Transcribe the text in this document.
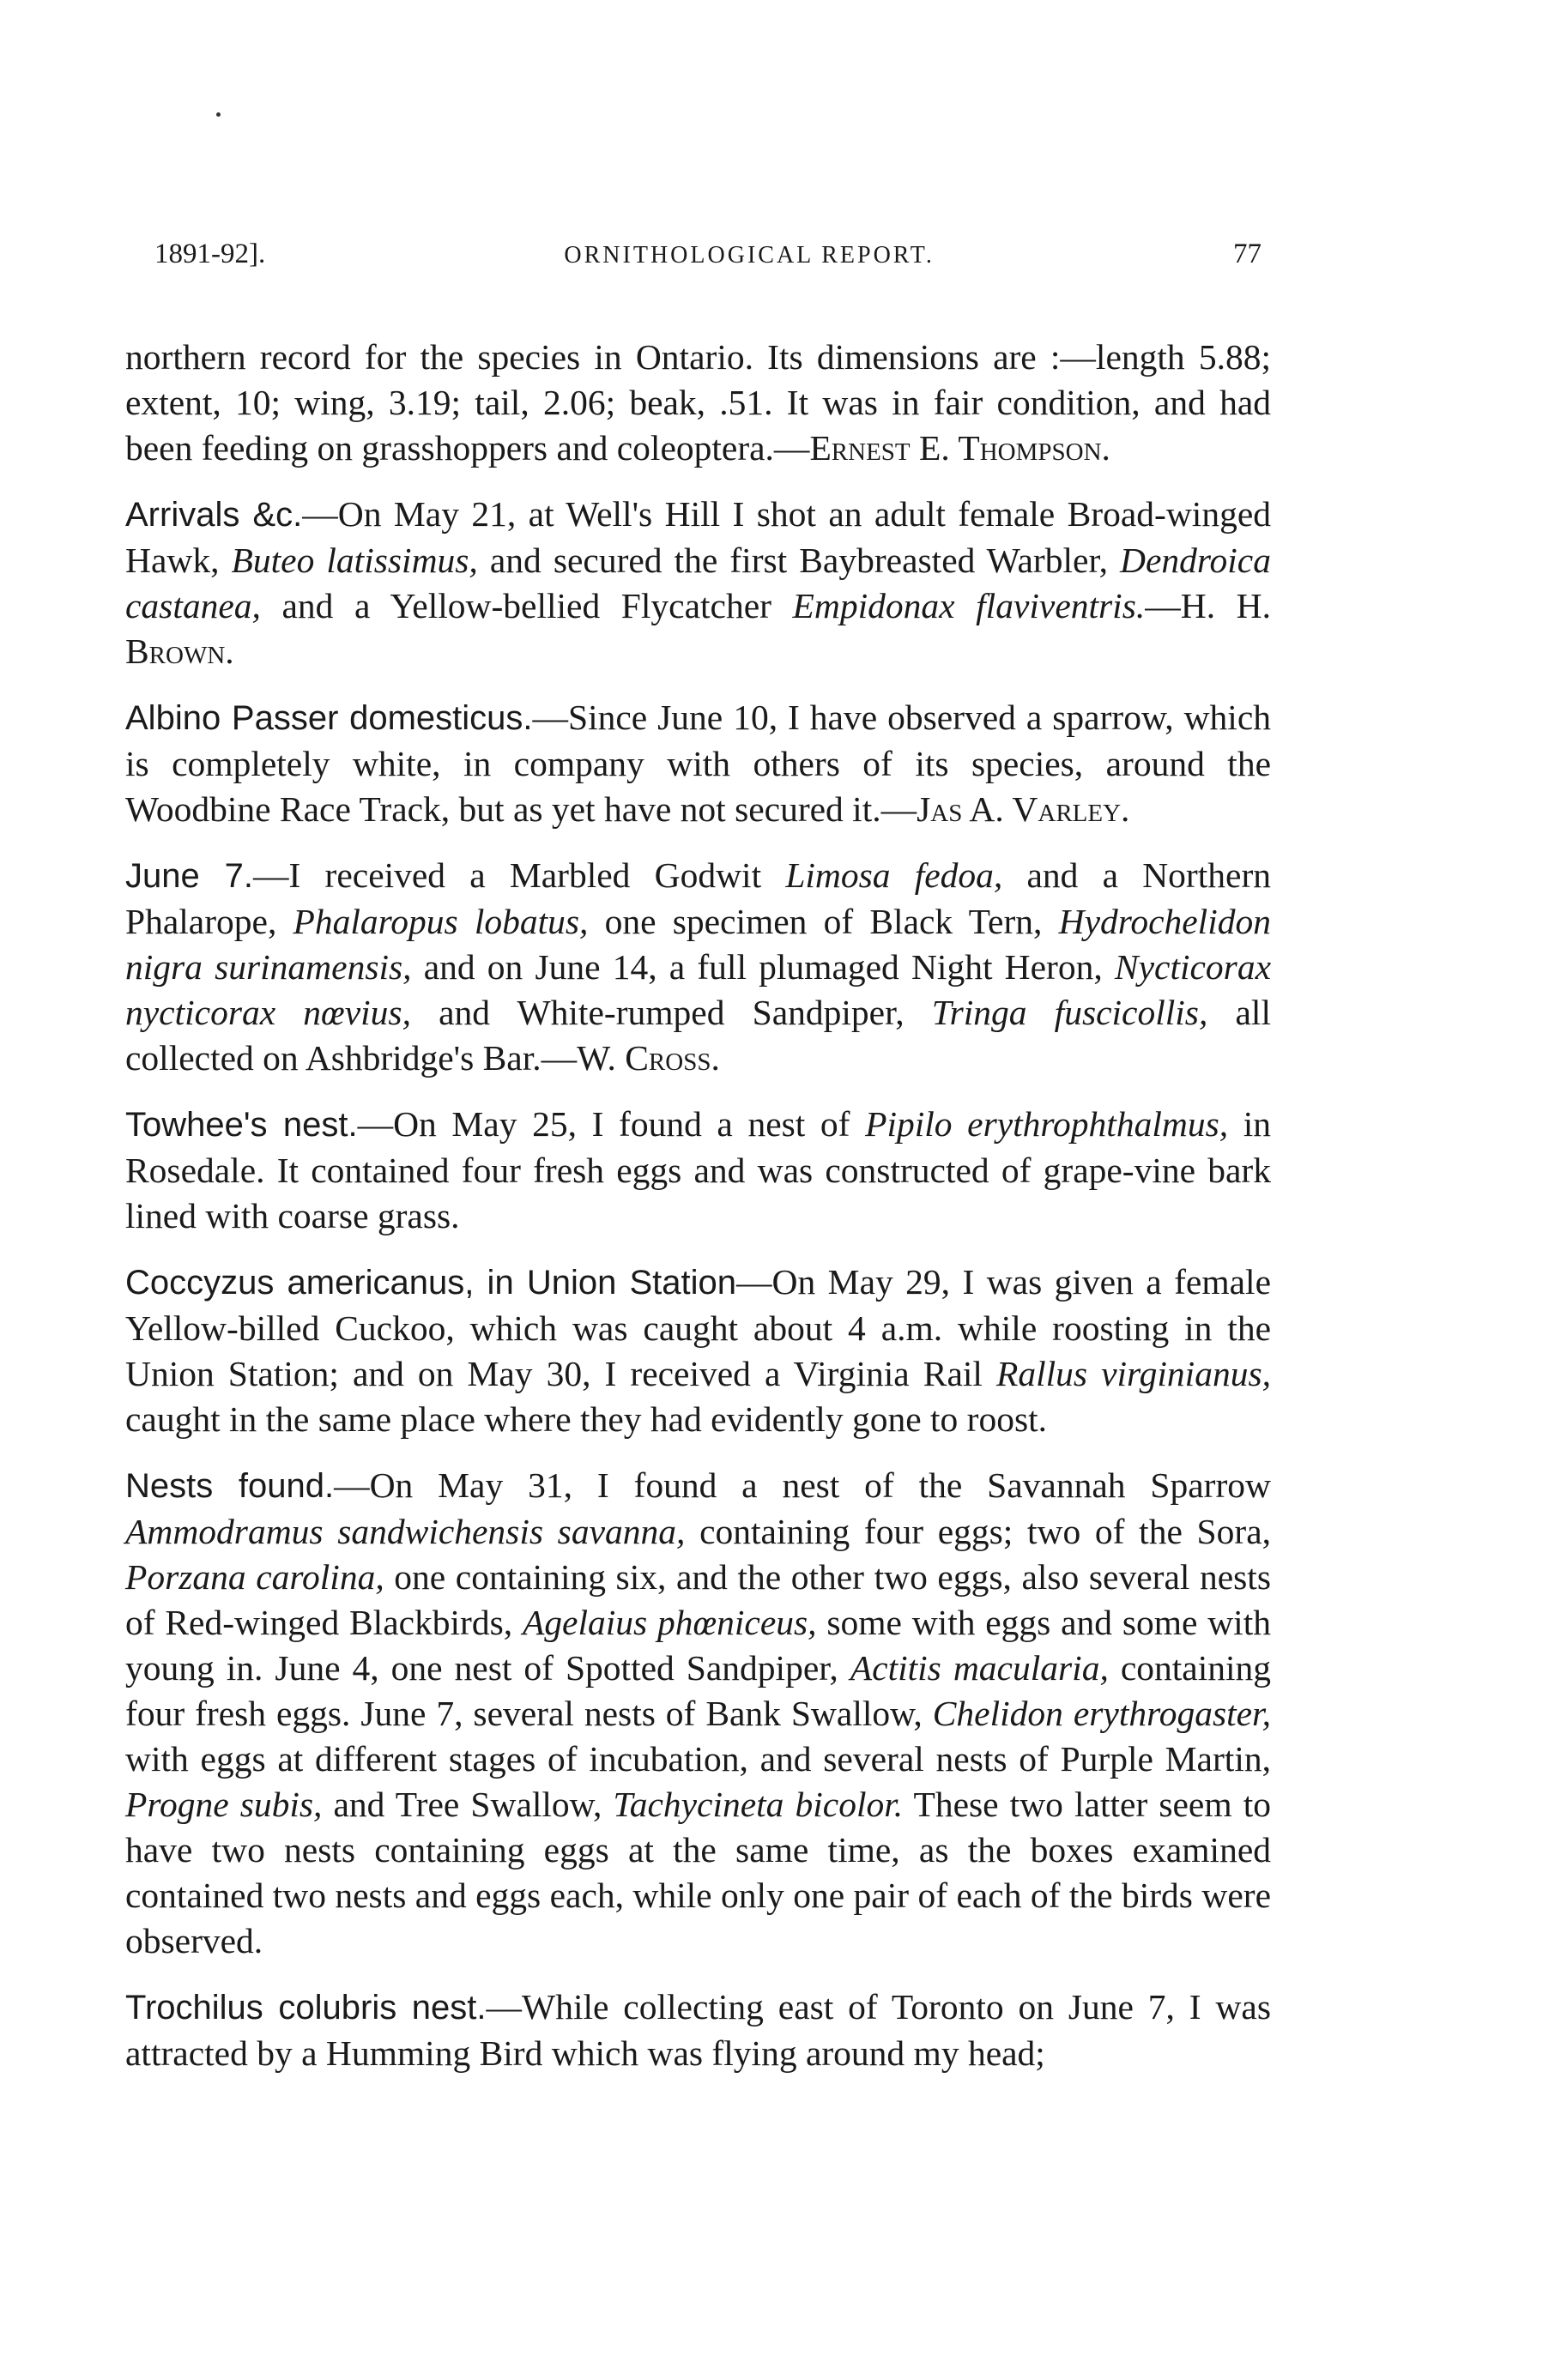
1891-92].	ORNITHOLOGICAL REPORT.	77

northern record for the species in Ontario. Its dimensions are :—length 5.88; extent, 10; wing, 3.19; tail, 2.06; beak, .51. It was in fair condition, and had been feeding on grasshoppers and coleoptera.—Ernest E. Thompson.

Arrivals &c.—On May 21, at Well's Hill I shot an adult female Broad-winged Hawk, Buteo latissimus, and secured the first Baybreasted Warbler, Dendroica castanea, and a Yellow-bellied Flycatcher Empidonax flaviventris.—H. H. Brown.

Albino Passer domesticus.—Since June 10, I have observed a sparrow, which is completely white, in company with others of its species, around the Woodbine Race Track, but as yet have not secured it.—Jas A. Varley.

June 7.—I received a Marbled Godwit Limosa fedoa, and a Northern Phalarope, Phalaropus lobatus, one specimen of Black Tern, Hydrochelidon nigra surinamensis, and on June 14, a full plumaged Night Heron, Nycticorax nycticorax nœvius, and White-rumped Sandpiper, Tringa fuscicollis, all collected on Ashbridge's Bar.—W. Cross.

Towhee's nest.—On May 25, I found a nest of Pipilo erythrophthalmus, in Rosedale. It contained four fresh eggs and was constructed of grape-vine bark lined with coarse grass.

Coccyzus americanus, in Union Station—On May 29, I was given a female Yellow-billed Cuckoo, which was caught about 4 a.m. while roosting in the Union Station; and on May 30, I received a Virginia Rail Rallus virginianus, caught in the same place where they had evidently gone to roost.

Nests found.—On May 31, I found a nest of the Savannah Sparrow Ammodramus sandwichensis savanna, containing four eggs; two of the Sora, Porzana carolina, one containing six, and the other two eggs, also several nests of Red-winged Blackbirds, Agelaius phœniceus, some with eggs and some with young in. June 4, one nest of Spotted Sandpiper, Actitis macularia, containing four fresh eggs. June 7, several nests of Bank Swallow, Chelidon erythrogaster, with eggs at different stages of incubation, and several nests of Purple Martin, Progne subis, and Tree Swallow, Tachycineta bicolor. These two latter seem to have two nests containing eggs at the same time, as the boxes examined contained two nests and eggs each, while only one pair of each of the birds were observed.

Trochilus colubris nest.—While collecting east of Toronto on June 7, I was attracted by a Humming Bird which was flying around my head;
